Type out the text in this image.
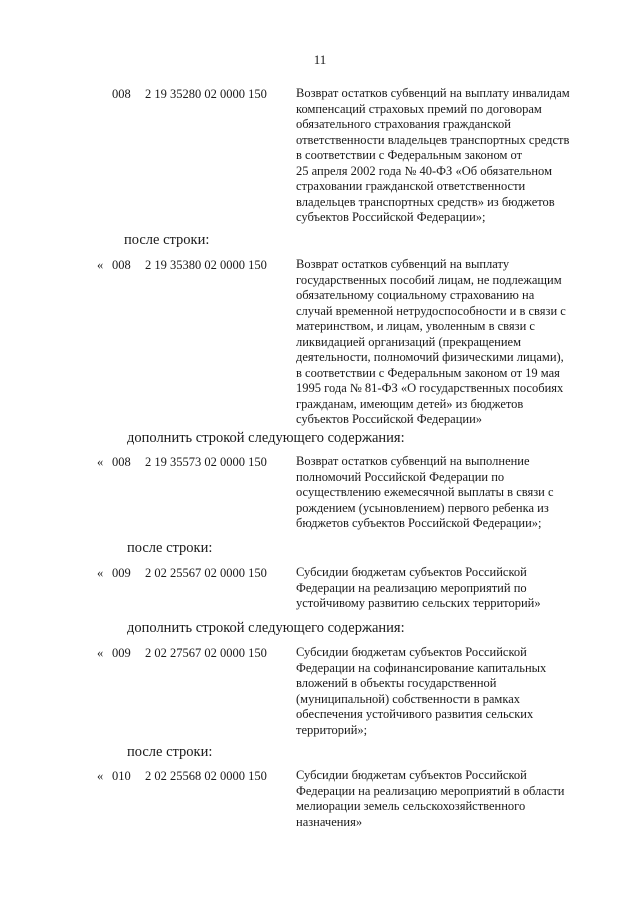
11
008 2 19 35280 02 0000 150 Возврат остатков субвенций на выплату инвалидам
компенсаций страховых премий по договорам
обязательного страхования гражданской
ответственности владельцев транспортных средств
в соответствии с Федеральным законом от
25 апреля 2002 года № 40-ФЗ «Об обязательном
страховании гражданской ответственности
владельцев транспортных средств» из бюджетов
субъектов Российской Федерации»;
после строки:
« 008 2 19 35380 02 0000 150 Возврат остатков субвенций на выплату
государственных пособий лицам, не подлежащим
обязательному социальному страхованию на
случай временной нетрудоспособности и в связи с
материнством, и лицам, уволенным в связи с
ликвидацией организаций (прекращением
деятельности, полномочий физическими лицами),
в соответствии с Федеральным законом от 19 мая
1995 года № 81-ФЗ «О государственных пособиях
гражданам, имеющим детей» из бюджетов
субъектов Российской Федерации»
дополнить строкой следующего содержания:
« 008 2 19 35573 02 0000 150 Возврат остатков субвенций на выполнение
полномочий Российской Федерации по
осуществлению ежемесячной выплаты в связи с
рождением (усыновлением) первого ребенка из
бюджетов субъектов Российской Федерации»;
после строки:
« 009 2 02 25567 02 0000 150 Субсидии бюджетам субъектов Российской
Федерации на реализацию мероприятий по
устойчивому развитию сельских территорий»
дополнить строкой следующего содержания:
« 009 2 02 27567 02 0000 150 Субсидии бюджетам субъектов Российской
Федерации на софинансирование капитальных
вложений в объекты государственной
(муниципальной) собственности в рамках
обеспечения устойчивого развития сельских
территорий»;
после строки:
« 010 2 02 25568 02 0000 150 Субсидии бюджетам субъектов Российской
Федерации на реализацию мероприятий в области
мелиорации земель сельскохозяйственного
назначения»
